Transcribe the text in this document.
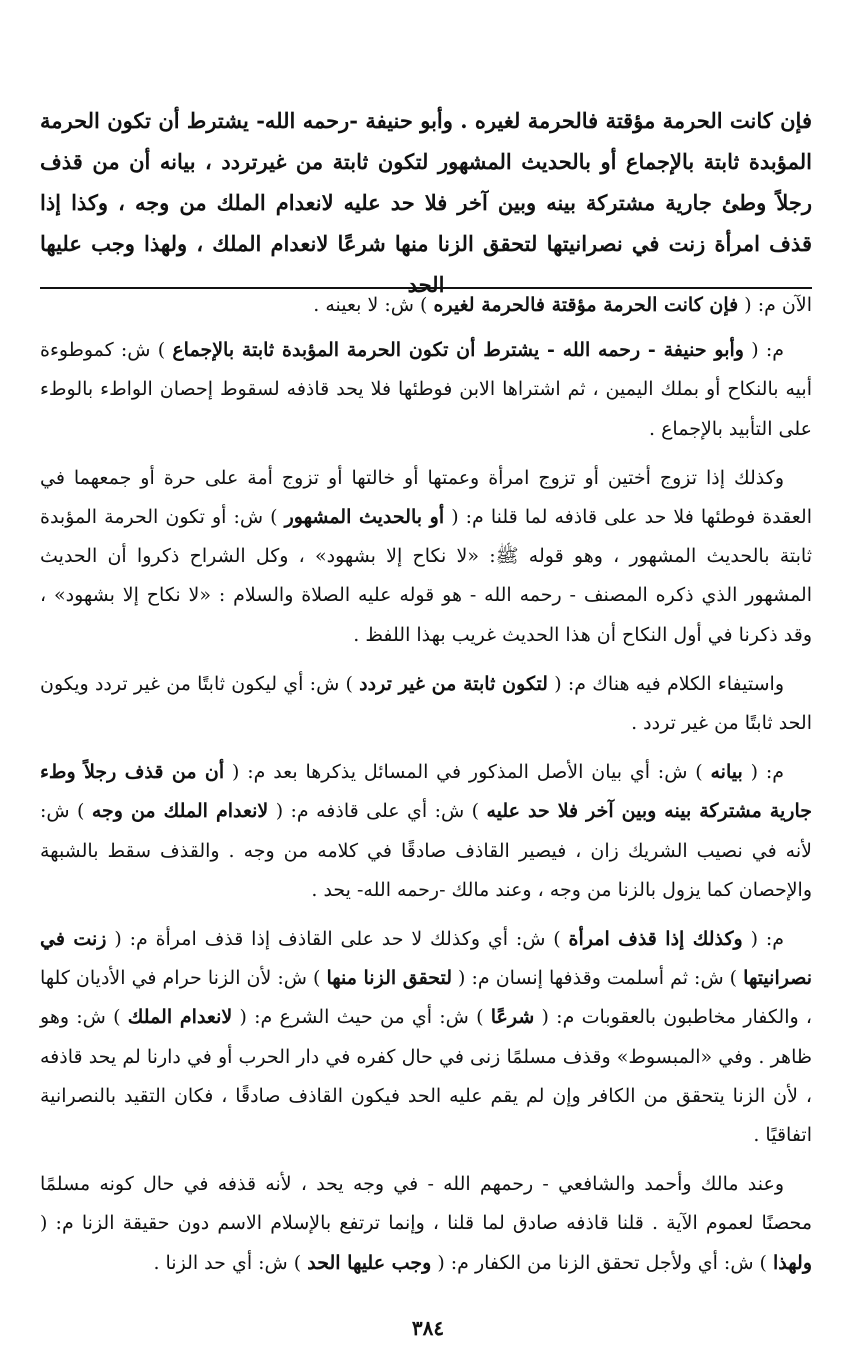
فإن كانت الحرمة مؤقتة فالحرمة لغيره . وأبو حنيفة -رحمه الله- يشترط أن تكون الحرمة المؤبدة ثابتة بالإجماع أو بالحديث المشهور لتكون ثابتة من غيرتردد ، بيانه أن من قذف رجلاً وطئ جارية مشتركة بينه وبين آخر فلا حد عليه لانعدام الملك من وجه ، وكذا إذا قذف امرأة زنت في نصرانيتها لتحقق الزنا منها شرعًا لانعدام الملك ، ولهذا وجب عليها الحد

الآن م: ( فإن كانت الحرمة مؤقتة فالحرمة لغيره ) ش: لا بعينه .

م: ( وأبو حنيفة - رحمه الله - يشترط أن تكون الحرمة المؤبدة ثابتة بالإجماع ) ش: كموطوءة أبيه بالنكاح أو بملك اليمين ، ثم اشتراها الابن فوطئها فلا يحد قاذفه لسقوط إحصان الواطء بالوطء على التأبيد بالإجماع .

وكذلك إذا تزوج أختين أو تزوج امرأة وعمتها أو خالتها أو تزوج أمة على حرة أو جمعهما في العقدة فوطئها فلا حد على قاذفه لما قلنا م: ( أو بالحديث المشهور ) ش: أو تكون الحرمة المؤبدة ثابتة بالحديث المشهور ، وهو قوله ﷺ: «لا نكاح إلا بشهود» ، وكل الشراح ذكروا أن الحديث المشهور الذي ذكره المصنف - رحمه الله - هو قوله عليه الصلاة والسلام : «لا نكاح إلا بشهود» ، وقد ذكرنا في أول النكاح أن هذا الحديث غريب بهذا اللفظ .

واستيفاء الكلام فيه هناك م: ( لتكون ثابتة من غير تردد ) ش: أي ليكون ثابتًا من غير تردد ويكون الحد ثابتًا من غير تردد .

م: ( بيانه ) ش: أي بيان الأصل المذكور في المسائل يذكرها بعد م: ( أن من قذف رجلاً وطء جارية مشتركة بينه وبين آخر فلا حد عليه ) ش: أي على قاذفه م: ( لانعدام الملك من وجه ) ش: لأنه في نصيب الشريك زان ، فيصير القاذف صادقًا في كلامه من وجه . والقذف سقط بالشبهة والإحصان كما يزول بالزنا من وجه ، وعند مالك -رحمه الله- يحد .

م: ( وكذلك إذا قذف امرأة ) ش: أي وكذلك لا حد على القاذف إذا قذف امرأة م: ( زنت في نصرانيتها ) ش: ثم أسلمت وقذفها إنسان م: ( لتحقق الزنا منها ) ش: لأن الزنا حرام في الأديان كلها ، والكفار مخاطبون بالعقوبات م: ( شرعًا ) ش: أي من حيث الشرع م: ( لانعدام الملك ) ش: وهو ظاهر . وفي «المبسوط» وقذف مسلمًا زنى في حال كفره في دار الحرب أو في دارنا لم يحد قاذفه ، لأن الزنا يتحقق من الكافر وإن لم يقم عليه الحد فيكون القاذف صادقًا ، فكان التقيد بالنصرانية اتفاقيًا .

وعند مالك وأحمد والشافعي - رحمهم الله - في وجه يحد ، لأنه قذفه في حال كونه مسلمًا محصنًا لعموم الآية . قلنا قاذفه صادق لما قلنا ، وإنما ترتفع بالإسلام الاسم دون حقيقة الزنا م: ( ولهذا ) ش: أي ولأجل تحقق الزنا من الكفار م: ( وجب عليها الحد ) ش: أي حد الزنا .

٣٨٤
